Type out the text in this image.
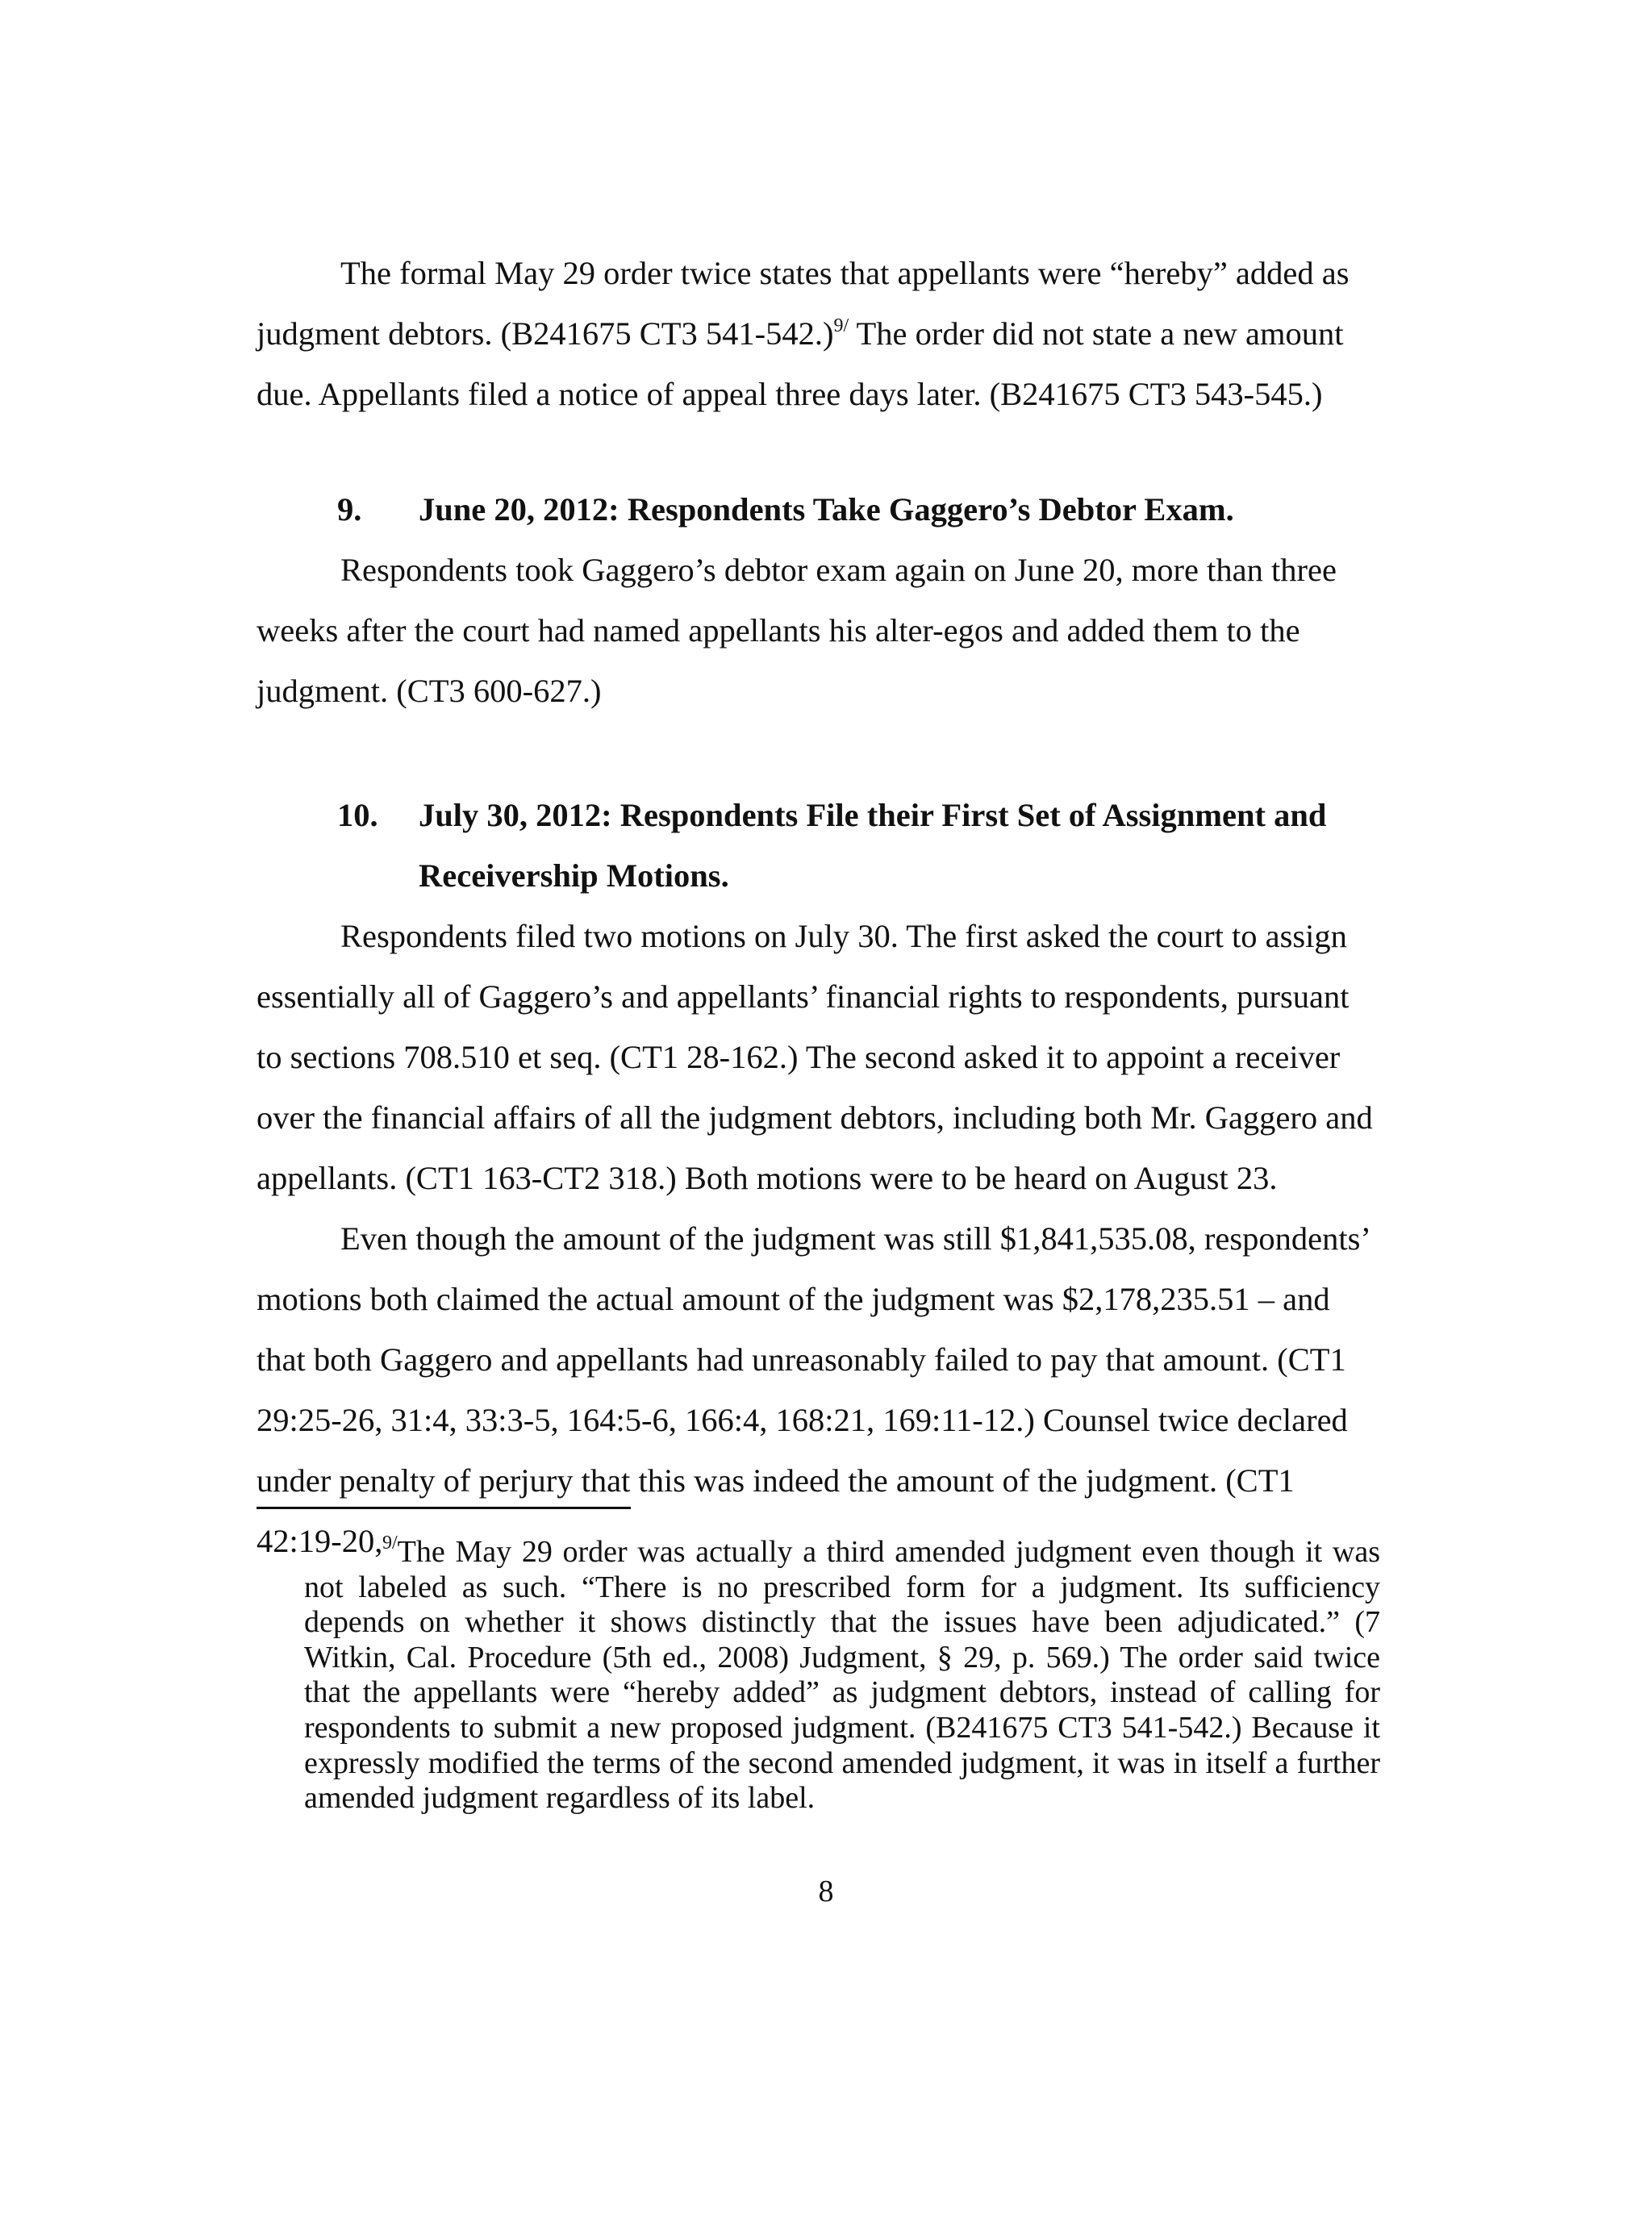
The formal May 29 order twice states that appellants were “hereby” added as judgment debtors. (B241675 CT3 541-542.)$^{9/}$ The order did not state a new amount due. Appellants filed a notice of appeal three days later. (B241675 CT3 543-545.)
9. June 20, 2012: Respondents Take Gaggero’s Debtor Exam.
Respondents took Gaggero’s debtor exam again on June 20, more than three weeks after the court had named appellants his alter-egos and added them to the judgment. (CT3 600-627.)
10. July 30, 2012: Respondents File their First Set of Assignment and
Receivership Motions.
Respondents filed two motions on July 30. The first asked the court to assign essentially all of Gaggero’s and appellants’ financial rights to respondents, pursuant to sections 708.510 et seq. (CT1 28-162.) The second asked it to appoint a receiver over the financial affairs of all the judgment debtors, including both Mr. Gaggero and appellants. (CT1 163-CT2 318.) Both motions were to be heard on August 23.
Even though the amount of the judgment was still $1,841,535.08, respondents’ motions both claimed the actual amount of the judgment was $2,178,235.51 – and that both Gaggero and appellants had unreasonably failed to pay that amount. (CT1 29:25-26, 31:4, 33:3-5, 164:5-6, 166:4, 168:21, 169:11-12.) Counsel twice declared under penalty of perjury that this was indeed the amount of the judgment. (CT1 42:19-20, $^{9/}$The May 29 order was actually a third amended judgment even though it was not labeled as such. “There is no prescribed form for a judgment. Its sufficiency depends on whether it shows distinctly that the issues have been adjudicated.” (7 Witkin, Cal. Procedure (5th ed., 2008) Judgment, § 29, p. 569.) The order said twice that the appellants were “hereby added” as judgment debtors, instead of calling for respondents to submit a new proposed judgment. (B241675 CT3 541-542.) Because it expressly modified the terms of the second amended judgment, it was in itself a further amended judgment regardless of its label.

8
